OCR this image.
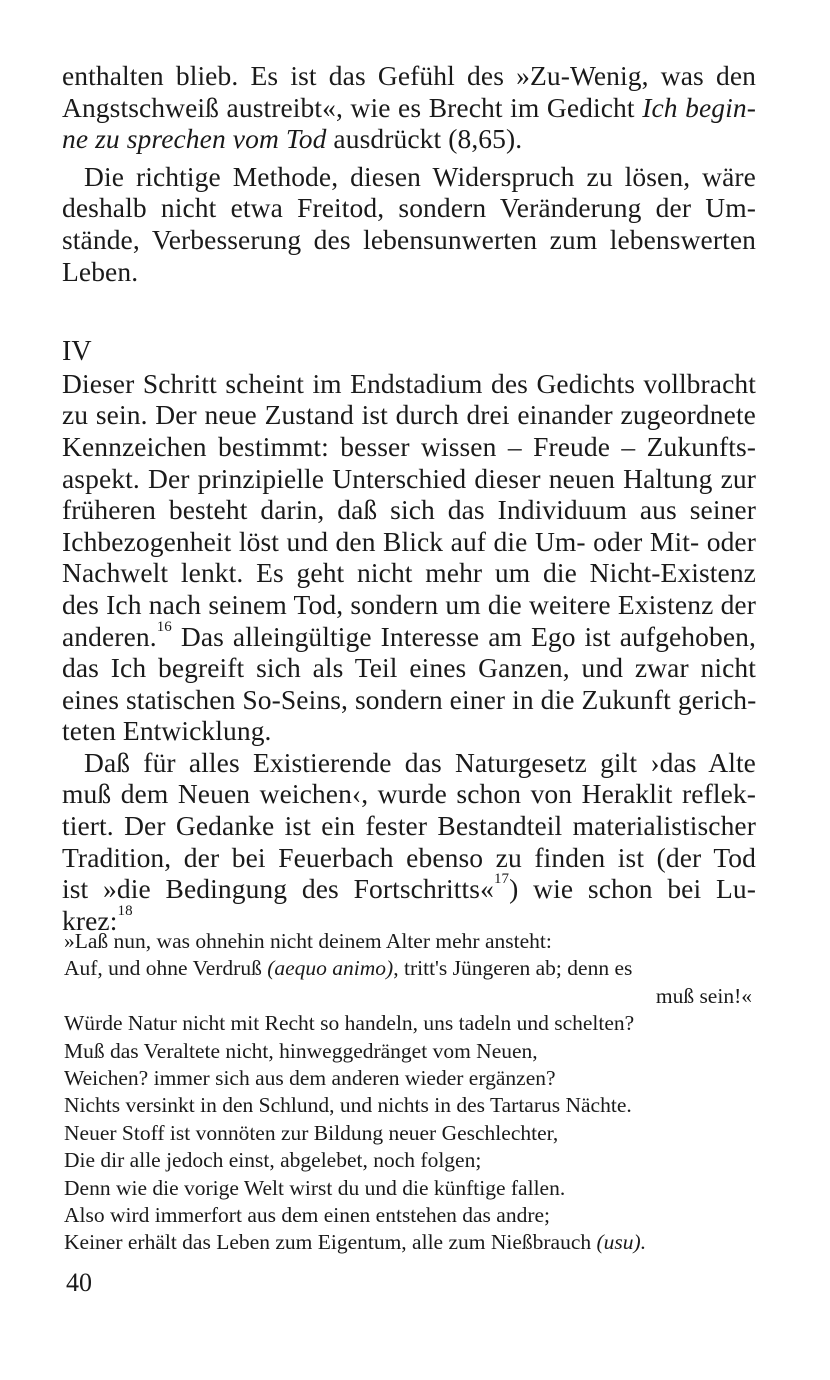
enthalten blieb. Es ist das Gefühl des »Zu-Wenig, was den
Angstschweiß austreibt«, wie es Brecht im Gedicht Ich begin-
ne zu sprechen vom Tod ausdrückt (8,65).

Die richtige Methode, diesen Widerspruch zu lösen, wäre
deshalb nicht etwa Freitod, sondern Veränderung der Um-
stände, Verbesserung des lebensunwerten zum lebenswerten
Leben.

IV

Dieser Schritt scheint im Endstadium des Gedichts vollbracht
zu sein. Der neue Zustand ist durch drei einander zugeordnete
Kennzeichen bestimmt: besser wissen – Freude – Zukunfts-
aspekt. Der prinzipielle Unterschied dieser neuen Haltung zur
früheren besteht darin, daß sich das Individuum aus seiner
Ichbezogenheit löst und den Blick auf die Um- oder Mit- oder
Nachwelt lenkt. Es geht nicht mehr um die Nicht-Existenz
des Ich nach seinem Tod, sondern um die weitere Existenz der
anderen.$^{16}$ Das alleingültige Interesse am Ego ist aufgehoben,
das Ich begreift sich als Teil eines Ganzen, und zwar nicht
eines statischen So-Seins, sondern einer in die Zukunft gerich-
teten Entwicklung.

Daß für alles Existierende das Naturgesetz gilt ›das Alte
muß dem Neuen weichen‹, wurde schon von Heraklit reflek-
tiert. Der Gedanke ist ein fester Bestandteil materialistischer
Tradition, der bei Feuerbach ebenso zu finden ist (der Tod
ist »die Bedingung des Fortschritts«$^{17}$) wie schon bei Lu-
krez:$^{18}$

»Laß nun, was ohnehin nicht deinem Alter mehr ansteht:
Auf, und ohne Verdruß (aequo animo), tritt's Jüngeren ab; denn es
muß sein!«
Würde Natur nicht mit Recht so handeln, uns tadeln und schelten?
Muß das Veraltete nicht, hinweggedränget vom Neuen,
Weichen? immer sich aus dem anderen wieder ergänzen?
Nichts versinkt in den Schlund, und nichts in des Tartarus Nächte.
Neuer Stoff ist vonnöten zur Bildung neuer Geschlechter,
Die dir alle jedoch einst, abgelebet, noch folgen;
Denn wie die vorige Welt wirst du und die künftige fallen.
Also wird immerfort aus dem einen entstehen das andre;
Keiner erhält das Leben zum Eigentum, alle zum Nießbrauch (usu).
40
